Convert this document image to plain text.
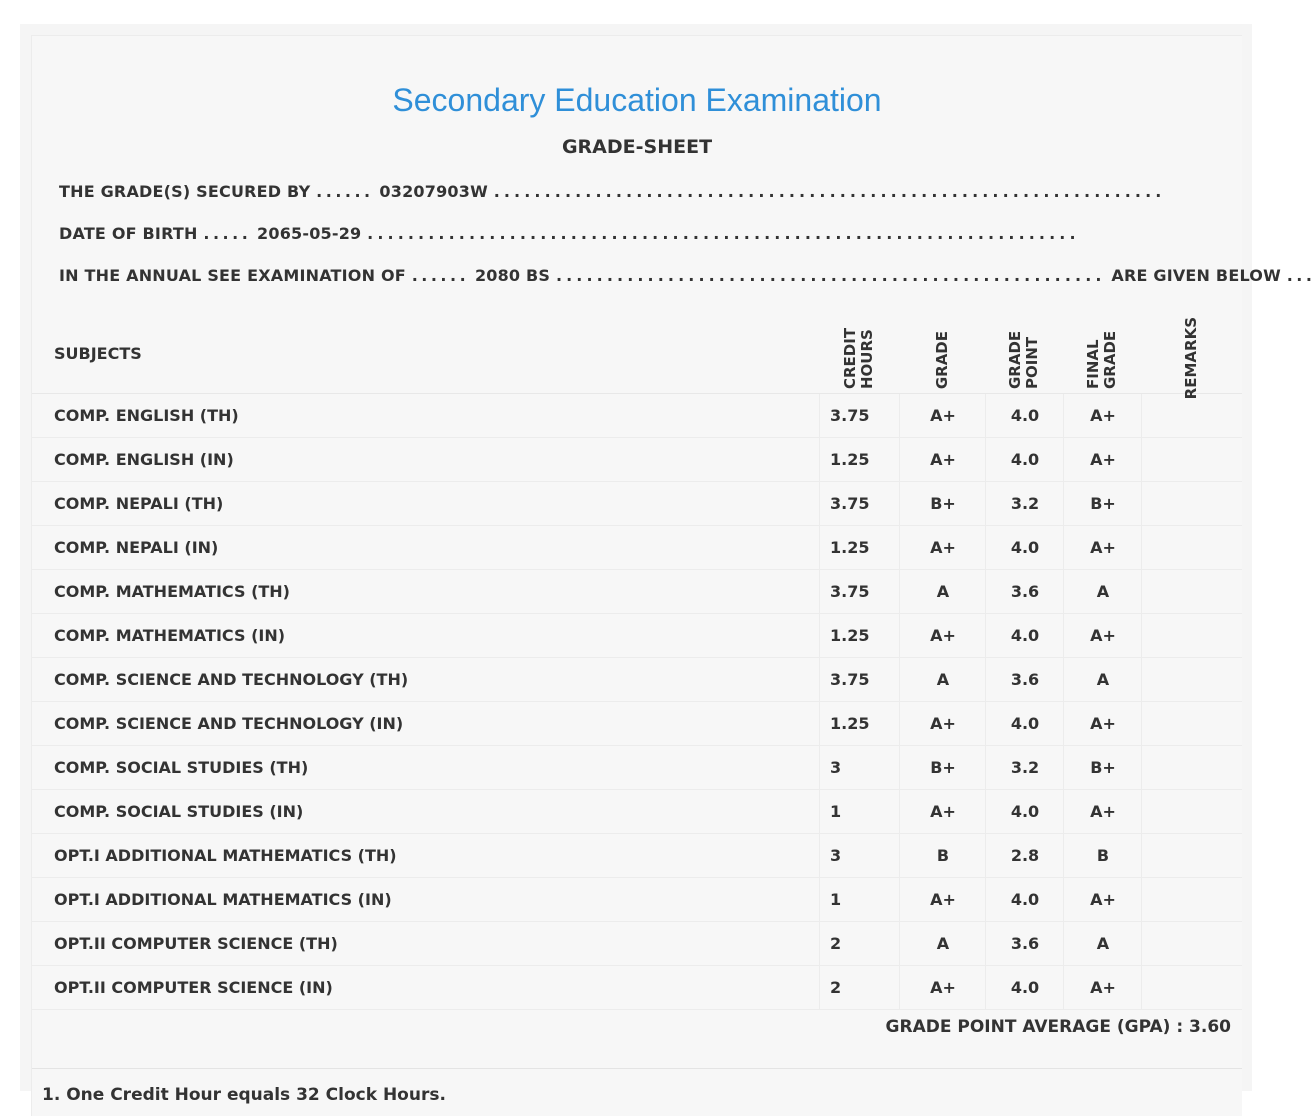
Secondary Education Examination
GRADE-SHEET
THE GRADE(S) SECURED BY ...... 03207903W ..................................................................
DATE OF BIRTH ..... 2065-05-29 ......................................................................
IN THE ANNUAL SEE EXAMINATION OF ...... 2080 BS ...................................................... ARE GIVEN BELOW ...
SUBJECTS	CREDIT HOURS	GRADE	GRADE POINT	FINAL GRADE	REMARKS
COMP. ENGLISH (TH)	3.75	A+	4.0	A+
COMP. ENGLISH (IN)	1.25	A+	4.0	A+
COMP. NEPALI (TH)	3.75	B+	3.2	B+
COMP. NEPALI (IN)	1.25	A+	4.0	A+
COMP. MATHEMATICS (TH)	3.75	A	3.6	A
COMP. MATHEMATICS (IN)	1.25	A+	4.0	A+
COMP. SCIENCE AND TECHNOLOGY (TH)	3.75	A	3.6	A
COMP. SCIENCE AND TECHNOLOGY (IN)	1.25	A+	4.0	A+
COMP. SOCIAL STUDIES (TH)	3	B+	3.2	B+
COMP. SOCIAL STUDIES (IN)	1	A+	4.0	A+
OPT.I ADDITIONAL MATHEMATICS (TH)	3	B	2.8	B
OPT.I ADDITIONAL MATHEMATICS (IN)	1	A+	4.0	A+
OPT.II COMPUTER SCIENCE (TH)	2	A	3.6	A
OPT.II COMPUTER SCIENCE (IN)	2	A+	4.0	A+
GRADE POINT AVERAGE (GPA) : 3.60
1. One Credit Hour equals 32 Clock Hours.
